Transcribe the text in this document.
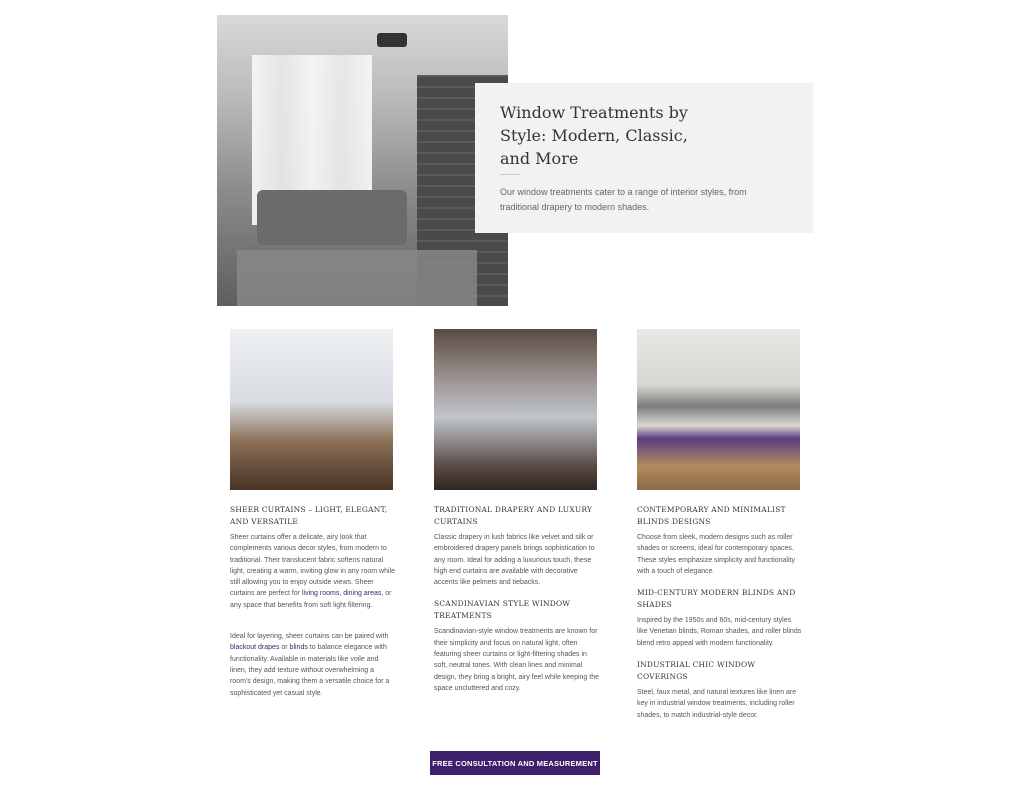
Window Treatments by Style: Modern, Classic, and More

Our window treatments cater to a range of interior styles, from traditional drapery to modern shades.

SHEER CURTAINS – LIGHT, ELEGANT, AND VERSATILE

Sheer curtains offer a delicate, airy look that complements various decor styles, from modern to traditional. Their translucent fabric softens natural light, creating a warm, inviting glow in any room while still allowing you to enjoy outside views. Sheer curtains are perfect for living rooms, dining areas, or any space that benefits from soft light filtering.

Ideal for layering, sheer curtains can be paired with blackout drapes or blinds to balance elegance with functionality. Available in materials like voile and linen, they add texture without overwhelming a room's design, making them a versatile choice for a sophisticated yet casual style.

TRADITIONAL DRAPERY AND LUXURY CURTAINS

Classic drapery in lush fabrics like velvet and silk or embroidered drapery panels brings sophistication to any room. Ideal for adding a luxurious touch, these high end curtains are available with decorative accents like pelmets and tiebacks.

SCANDINAVIAN STYLE WINDOW TREATMENTS

Scandinavian-style window treatments are known for their simplicity and focus on natural light, often featuring sheer curtains or light-filtering shades in soft, neutral tones. With clean lines and minimal design, they bring a bright, airy feel while keeping the space uncluttered and cozy.

CONTEMPORARY AND MINIMALIST BLINDS DESIGNS

Choose from sleek, modern designs such as roller shades or screens, ideal for contemporary spaces. These styles emphasize simplicity and functionality with a touch of elegance.

MID-CENTURY MODERN BLINDS AND SHADES

Inspired by the 1950s and 60s, mid-century styles like Venetian blinds, Roman shades, and roller blinds blend retro appeal with modern functionality.

INDUSTRIAL CHIC WINDOW COVERINGS

Steel, faux metal, and natural textures like linen are key in industrial window treatments, including roller shades, to match industrial-style decor.

FREE CONSULTATION AND MEASUREMENT
